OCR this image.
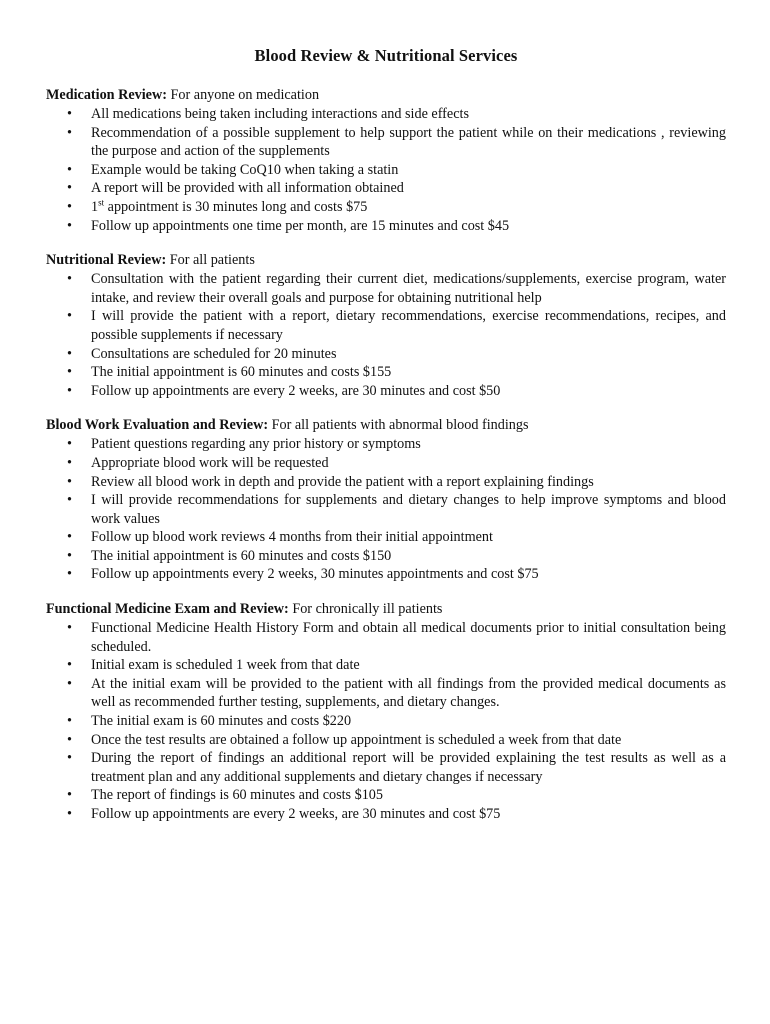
Blood Review & Nutritional Services

Medication Review: For anyone on medication

• All medications being taken including interactions and side effects
• Recommendation of a possible supplement to help support the patient while on their medications , reviewing the purpose and action of the supplements
• Example would be taking CoQ10 when taking a statin
• A report will be provided with all information obtained
• 1st appointment is 30 minutes long and costs $75
• Follow up appointments one time per month, are 15 minutes and cost $45

Nutritional Review: For all patients

• Consultation with the patient regarding their current diet, medications/supplements, exercise program, water intake, and review their overall goals and purpose for obtaining nutritional help
• I will provide the patient with a report, dietary recommendations, exercise recommendations, recipes, and possible supplements if necessary
• Consultations are scheduled for 20 minutes
• The initial appointment is 60 minutes and costs $155
• Follow up appointments are every 2 weeks, are 30 minutes and cost $50

Blood Work Evaluation and Review: For all patients with abnormal blood findings

• Patient questions regarding any prior history or symptoms
• Appropriate blood work will be requested
• Review all blood work in depth and provide the patient with a report explaining findings
• I will provide recommendations for supplements and dietary changes to help improve symptoms and blood work values
• Follow up blood work reviews 4 months from their initial appointment
• The initial appointment is 60 minutes and costs $150
• Follow up appointments every 2 weeks, 30 minutes appointments and cost $75

Functional Medicine Exam and Review: For chronically ill patients

• Functional Medicine Health History Form and obtain all medical documents prior to initial consultation being scheduled.
• Initial exam is scheduled 1 week from that date
• At the initial exam will be provided to the patient with all findings from the provided medical documents as well as recommended further testing, supplements, and dietary changes.
• The initial exam is 60 minutes and costs $220
• Once the test results are obtained a follow up appointment is scheduled a week from that date
• During the report of findings an additional report will be provided explaining the test results as well as a treatment plan and any additional supplements and dietary changes if necessary
• The report of findings is 60 minutes and costs $105
• Follow up appointments are every 2 weeks, are 30 minutes and cost $75
